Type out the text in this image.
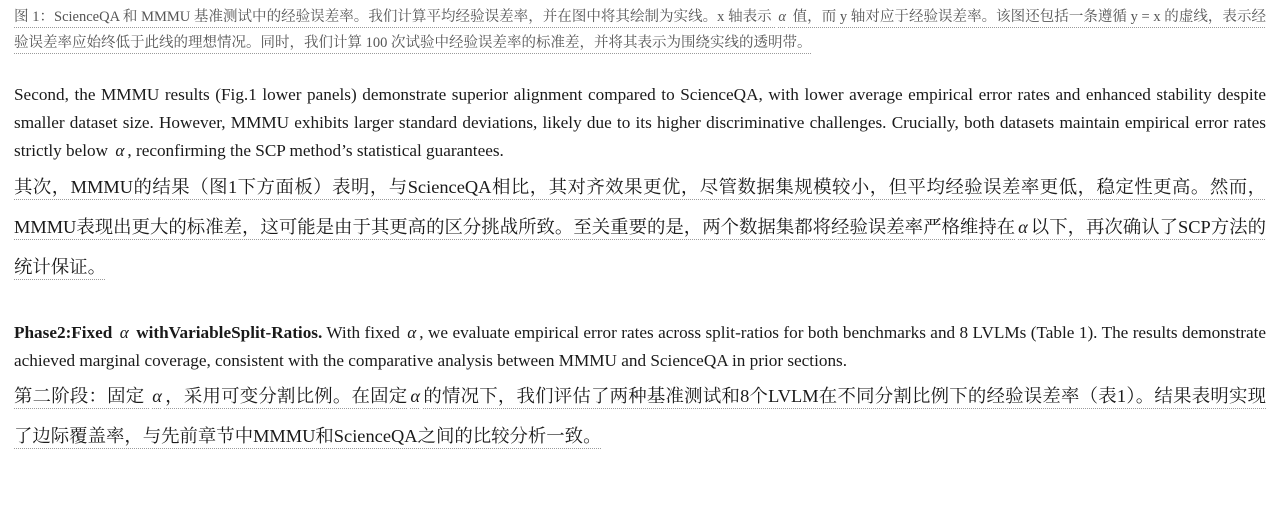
图 1：ScienceQA 和 MMMU 基准测试中的经验误差率。我们计算平均经验误差率，并在图中将其绘制为实线。x 轴表示 α 值，而 y 轴对应于经验误差率。该图还包括一条遵循 y = x 的虚线，表示经验误差率应始终低于此线的理想情况。同时，我们计算 100 次试验中经验误差率的标准差，并将其表示为围绕实线的透明带。

Second, the MMMU results (Fig.1 lower panels) demonstrate superior alignment compared to ScienceQA, with lower average empirical error rates and enhanced stability despite smaller dataset size. However, MMMU exhibits larger standard deviations, likely due to its higher discriminative challenges. Crucially, both datasets maintain empirical error rates strictly below α , reconfirming the SCP method’s statistical guarantees.

其次，MMMU的结果（图1下方面板）表明，与ScienceQA相比，其对齐效果更优，尽管数据集规模较小，但平均经验误差率更低，稳定性更高。然而，MMMU表现出更大的标准差，这可能是由于其更高的区分挑战所致。至关重要的是，两个数据集都将经验误差率严格维持在 α 以下，再次确认了SCP方法的统计保证。

Phase2:Fixed α withVariableSplit-Ratios. With fixed α , we evaluate empirical error rates across split-ratios for both benchmarks and 8 LVLMs (Table 1). The results demonstrate achieved marginal coverage, consistent with the comparative analysis between MMMU and ScienceQA in prior sections.

第二阶段：固定 α ，采用可变分割比例。在固定 α 的情况下，我们评估了两种基准测试和8个LVLM在不同分割比例下的经验误差率（表1）。结果表明实现了边际覆盖率，与先前章节中MMMU和ScienceQA之间的比较分析一致。
